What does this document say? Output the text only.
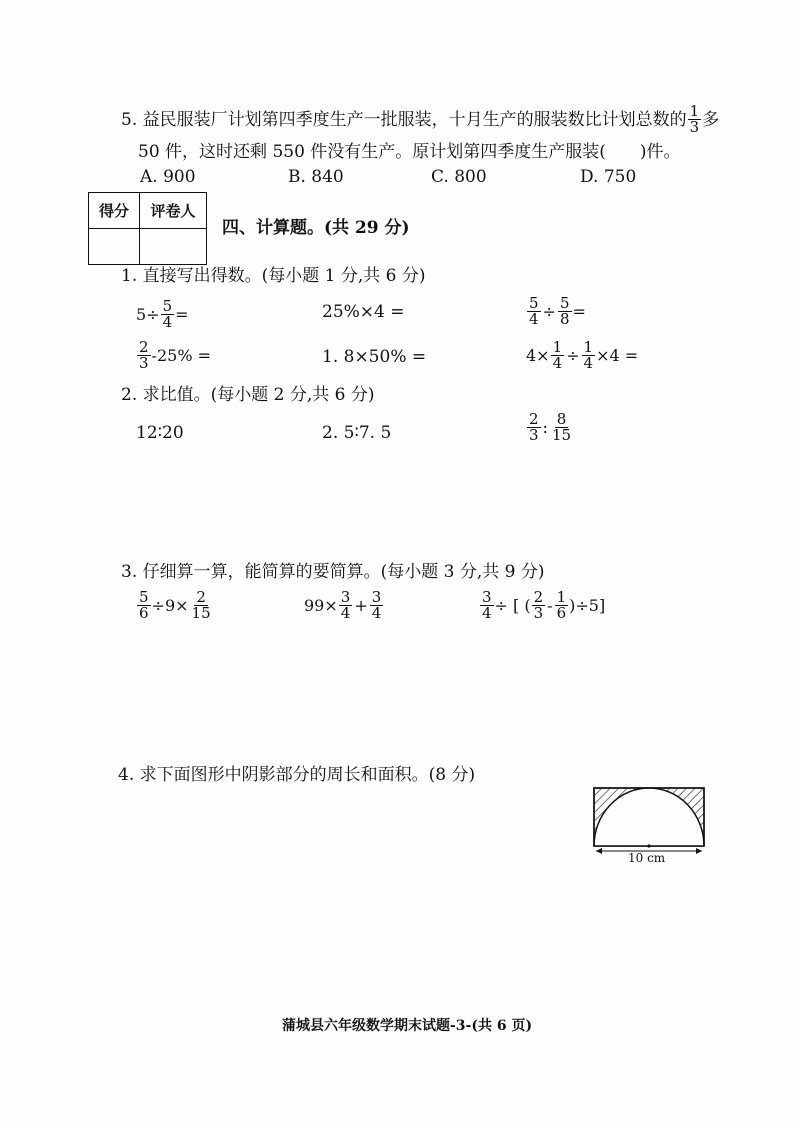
5. 益民服装厂计划第四季度生产一批服装，十月生产的服装数比计划总数的 $\frac{1}{3}$ 多
50 件，这时还剩 550 件没有生产。原计划第四季度生产服装(　　)件。
A. 900	B. 840	C. 800	D. 750
得分	评卷人

四、计算题。(共 29 分)
1. 直接写出得数。(每小题 1 分,共 6 分)
$5\div \frac{5}{4}$ =	25%×4 =	$\frac{5}{4} \div \frac{5}{8}$ =
$\frac{2}{3} -25\%$ =	1. 8×50% =	$4\times \frac{1}{4} \div \frac{1}{4} \times 4$ =
2. 求比值。(每小题 2 分,共 6 分)
12∶20	2. 5∶7. 5	$\frac{2}{3}$ : $\frac{8}{15}$
3. 仔细算一算，能简算的要简算。(每小题 3 分,共 9 分)
$\frac{5}{6} \div 9\times \frac{2}{15}$	$99\times \frac{3}{4} + \frac{3}{4}$	$\frac{3}{4}$ ÷ [ ( $\frac{2}{3} - \frac{1}{6} )\div 5$]
4. 求下面图形中阴影部分的周长和面积。(8 分)
10 cm
蒲城县六年级数学期末试题-3-(共 6 页)
